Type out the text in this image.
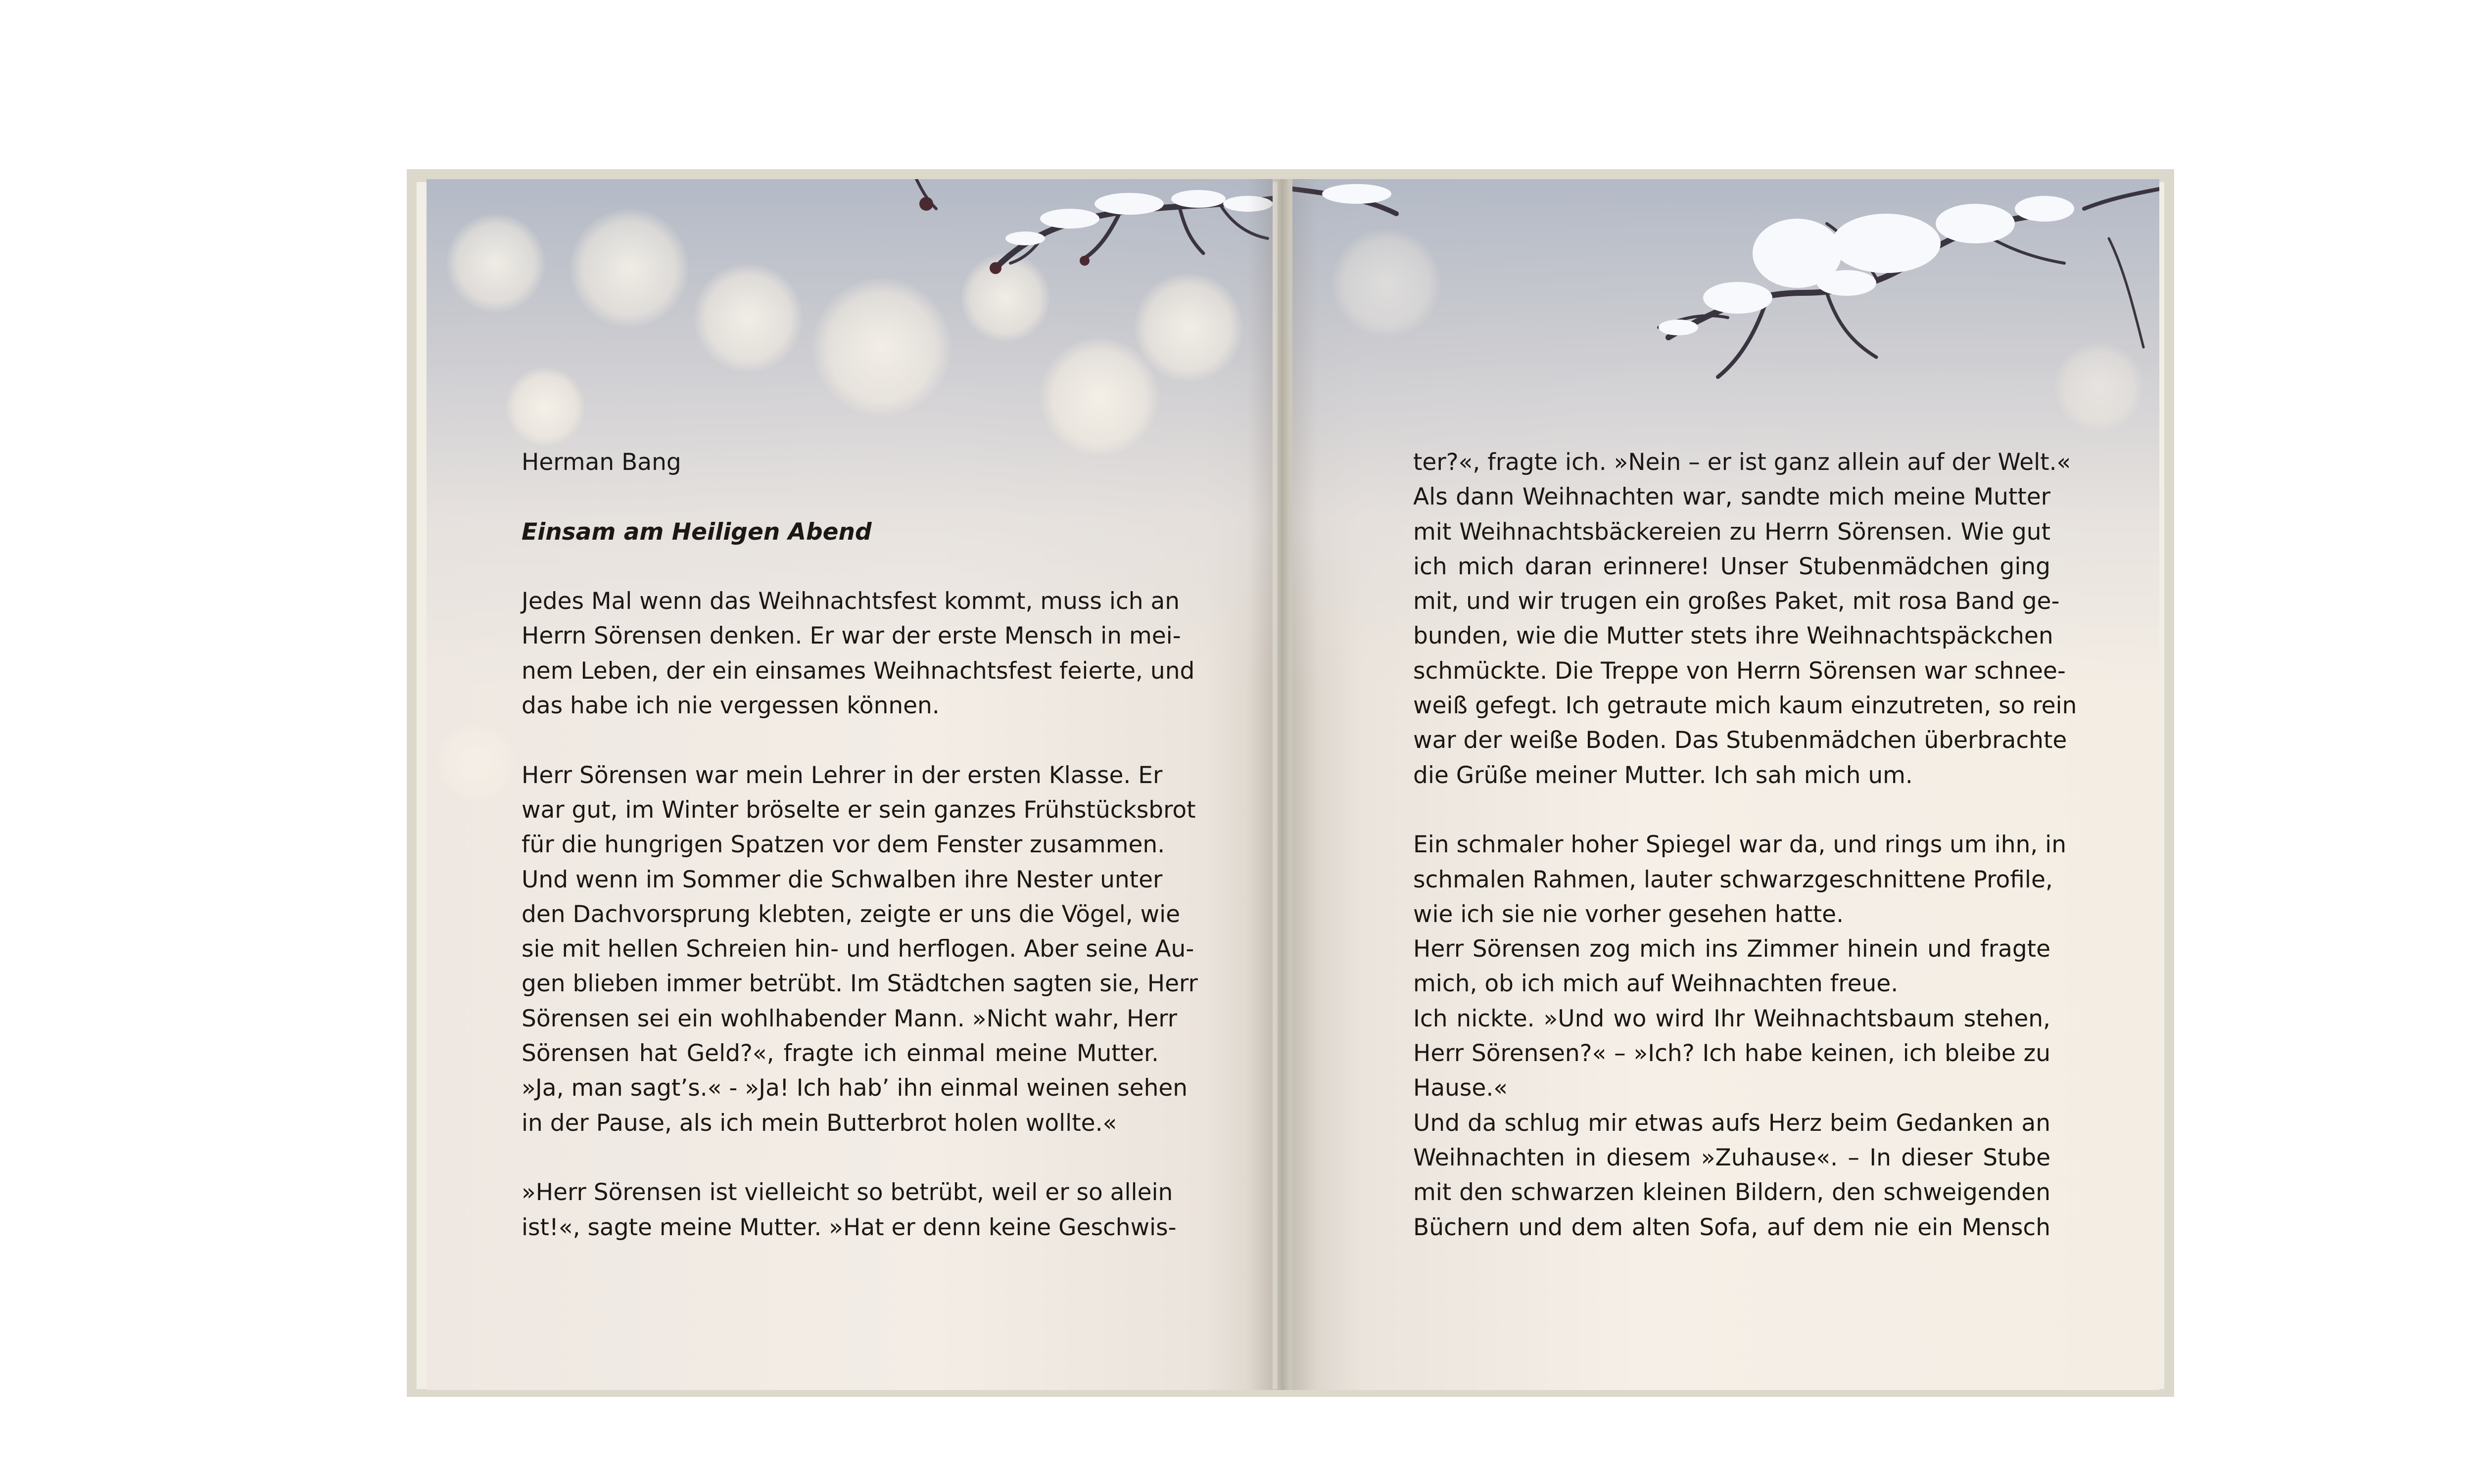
Herman Bang
Einsam am Heiligen Abend

Jedes Mal wenn das Weihnachtsfest kommt, muss ich an
Herrn Sörensen denken. Er war der erste Mensch in mei-
nem Leben, der ein einsames Weihnachtsfest feierte, und
das habe ich nie vergessen können.

Herr Sörensen war mein Lehrer in der ersten Klasse. Er
war gut, im Winter bröselte er sein ganzes Frühstücksbrot
für die hungrigen Spatzen vor dem Fenster zusammen.
Und wenn im Sommer die Schwalben ihre Nester unter
den Dachvorsprung klebten, zeigte er uns die Vögel, wie
sie mit hellen Schreien hin- und herflogen. Aber seine Au-
gen blieben immer betrübt. Im Städtchen sagten sie, Herr
Sörensen sei ein wohlhabender Mann. »Nicht wahr, Herr
Sörensen hat Geld?«, fragte ich einmal meine Mutter.
»Ja, man sagt’s.« - »Ja! Ich hab’ ihn einmal weinen sehen
in der Pause, als ich mein Butterbrot holen wollte.«

»Herr Sörensen ist vielleicht so betrübt, weil er so allein
ist!«, sagte meine Mutter. »Hat er denn keine Geschwis-

ter?«, fragte ich. »Nein – er ist ganz allein auf der Welt.«
Als dann Weihnachten war, sandte mich meine Mutter
mit Weihnachtsbäckereien zu Herrn Sörensen. Wie gut
ich mich daran erinnere! Unser Stubenmädchen ging
mit, und wir trugen ein großes Paket, mit rosa Band ge-
bunden, wie die Mutter stets ihre Weihnachtspäckchen
schmückte. Die Treppe von Herrn Sörensen war schnee-
weiß gefegt. Ich getraute mich kaum einzutreten, so rein
war der weiße Boden. Das Stubenmädchen überbrachte
die Grüße meiner Mutter. Ich sah mich um.

Ein schmaler hoher Spiegel war da, und rings um ihn, in
schmalen Rahmen, lauter schwarzgeschnittene Profile,
wie ich sie nie vorher gesehen hatte.

Herr Sörensen zog mich ins Zimmer hinein und fragte
mich, ob ich mich auf Weihnachten freue.

Ich nickte. »Und wo wird Ihr Weihnachtsbaum stehen,
Herr Sörensen?« – »Ich? Ich habe keinen, ich bleibe zu
Hause.«

Und da schlug mir etwas aufs Herz beim Gedanken an
Weihnachten in diesem »Zuhause«. – In dieser Stube
mit den schwarzen kleinen Bildern, den schweigenden
Büchern und dem alten Sofa, auf dem nie ein Mensch
